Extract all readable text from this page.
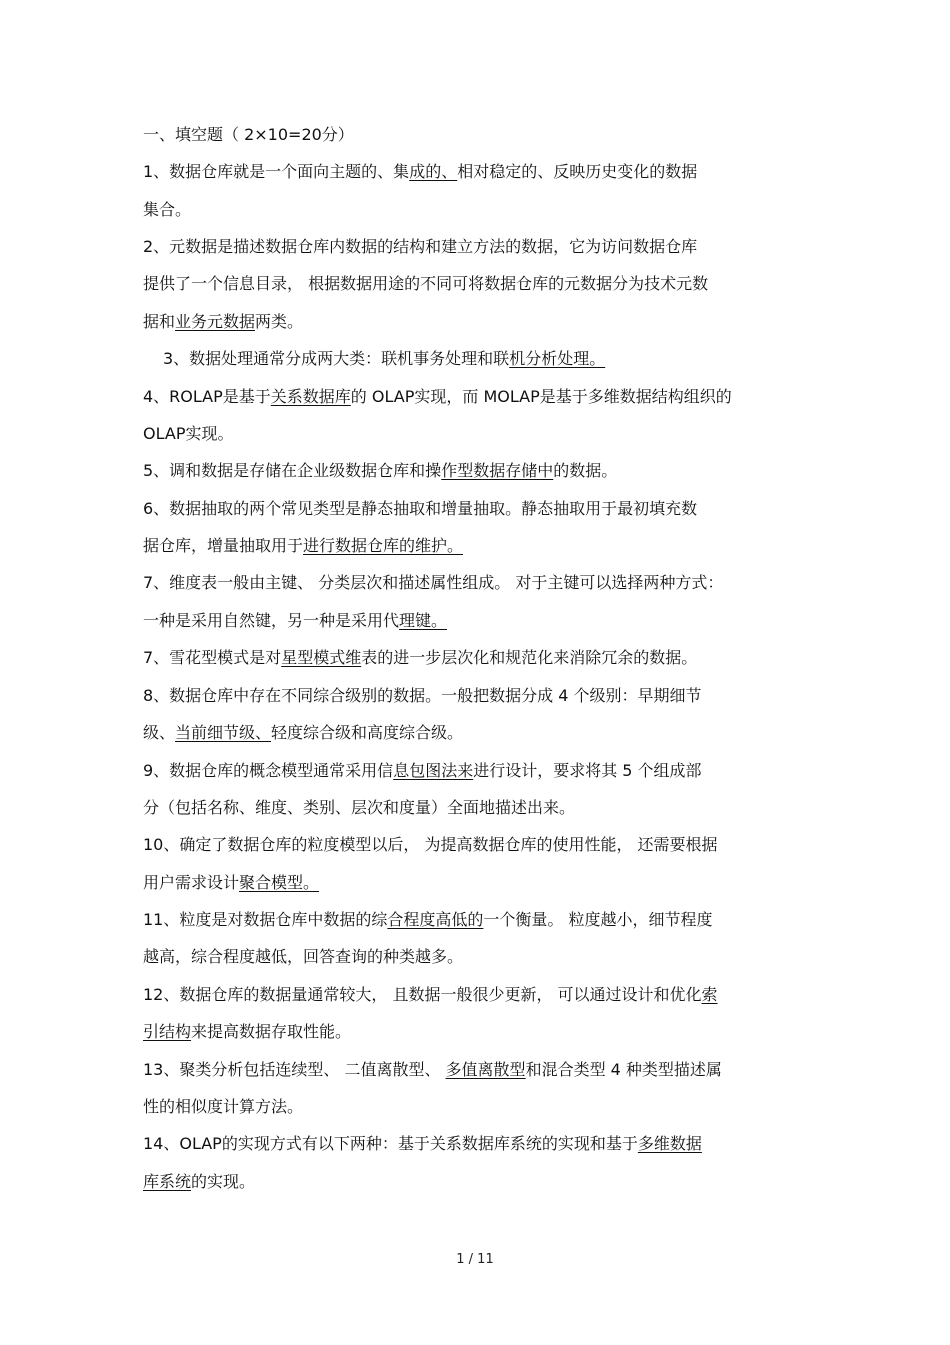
一、填空题（ 2×10=20分）
1、数据仓库就是一个面向主题的、集成的、相对稳定的、反映历史变化的数据
集合。
2、元数据是描述数据仓库内数据的结构和建立方法的数据，它为访问数据仓库
提供了一个信息目录， 根据数据用途的不同可将数据仓库的元数据分为技术元数
据和业务元数据两类。
3、数据处理通常分成两大类：联机事务处理和联机分析处理。
4、ROLAP是基于关系数据库的 OLAP实现，而 MOLAP是基于多维数据结构组织的
OLAP实现。
5、调和数据是存储在企业级数据仓库和操作型数据存储中的数据。
6、数据抽取的两个常见类型是静态抽取和增量抽取。静态抽取用于最初填充数
据仓库，增量抽取用于进行数据仓库的维护。
7、维度表一般由主键、 分类层次和描述属性组成。 对于主键可以选择两种方式：
一种是采用自然键，另一种是采用代理键。
7、雪花型模式是对星型模式维表的进一步层次化和规范化来消除冗余的数据。
8、数据仓库中存在不同综合级别的数据。一般把数据分成 4 个级别：早期细节
级、当前细节级、轻度综合级和高度综合级。
9、数据仓库的概念模型通常采用信息包图法来进行设计，要求将其 5 个组成部
分（包括名称、维度、类别、层次和度量）全面地描述出来。
10、确定了数据仓库的粒度模型以后， 为提高数据仓库的使用性能， 还需要根据
用户需求设计聚合模型。
11、粒度是对数据仓库中数据的综合程度高低的一个衡量。 粒度越小，细节程度
越高，综合程度越低，回答查询的种类越多。
12、数据仓库的数据量通常较大， 且数据一般很少更新， 可以通过设计和优化索
引结构来提高数据存取性能。
13、聚类分析包括连续型、 二值离散型、 多值离散型和混合类型 4 种类型描述属
性的相似度计算方法。
14、OLAP的实现方式有以下两种：基于关系数据库系统的实现和基于多维数据
库系统的实现。
1 / 11
